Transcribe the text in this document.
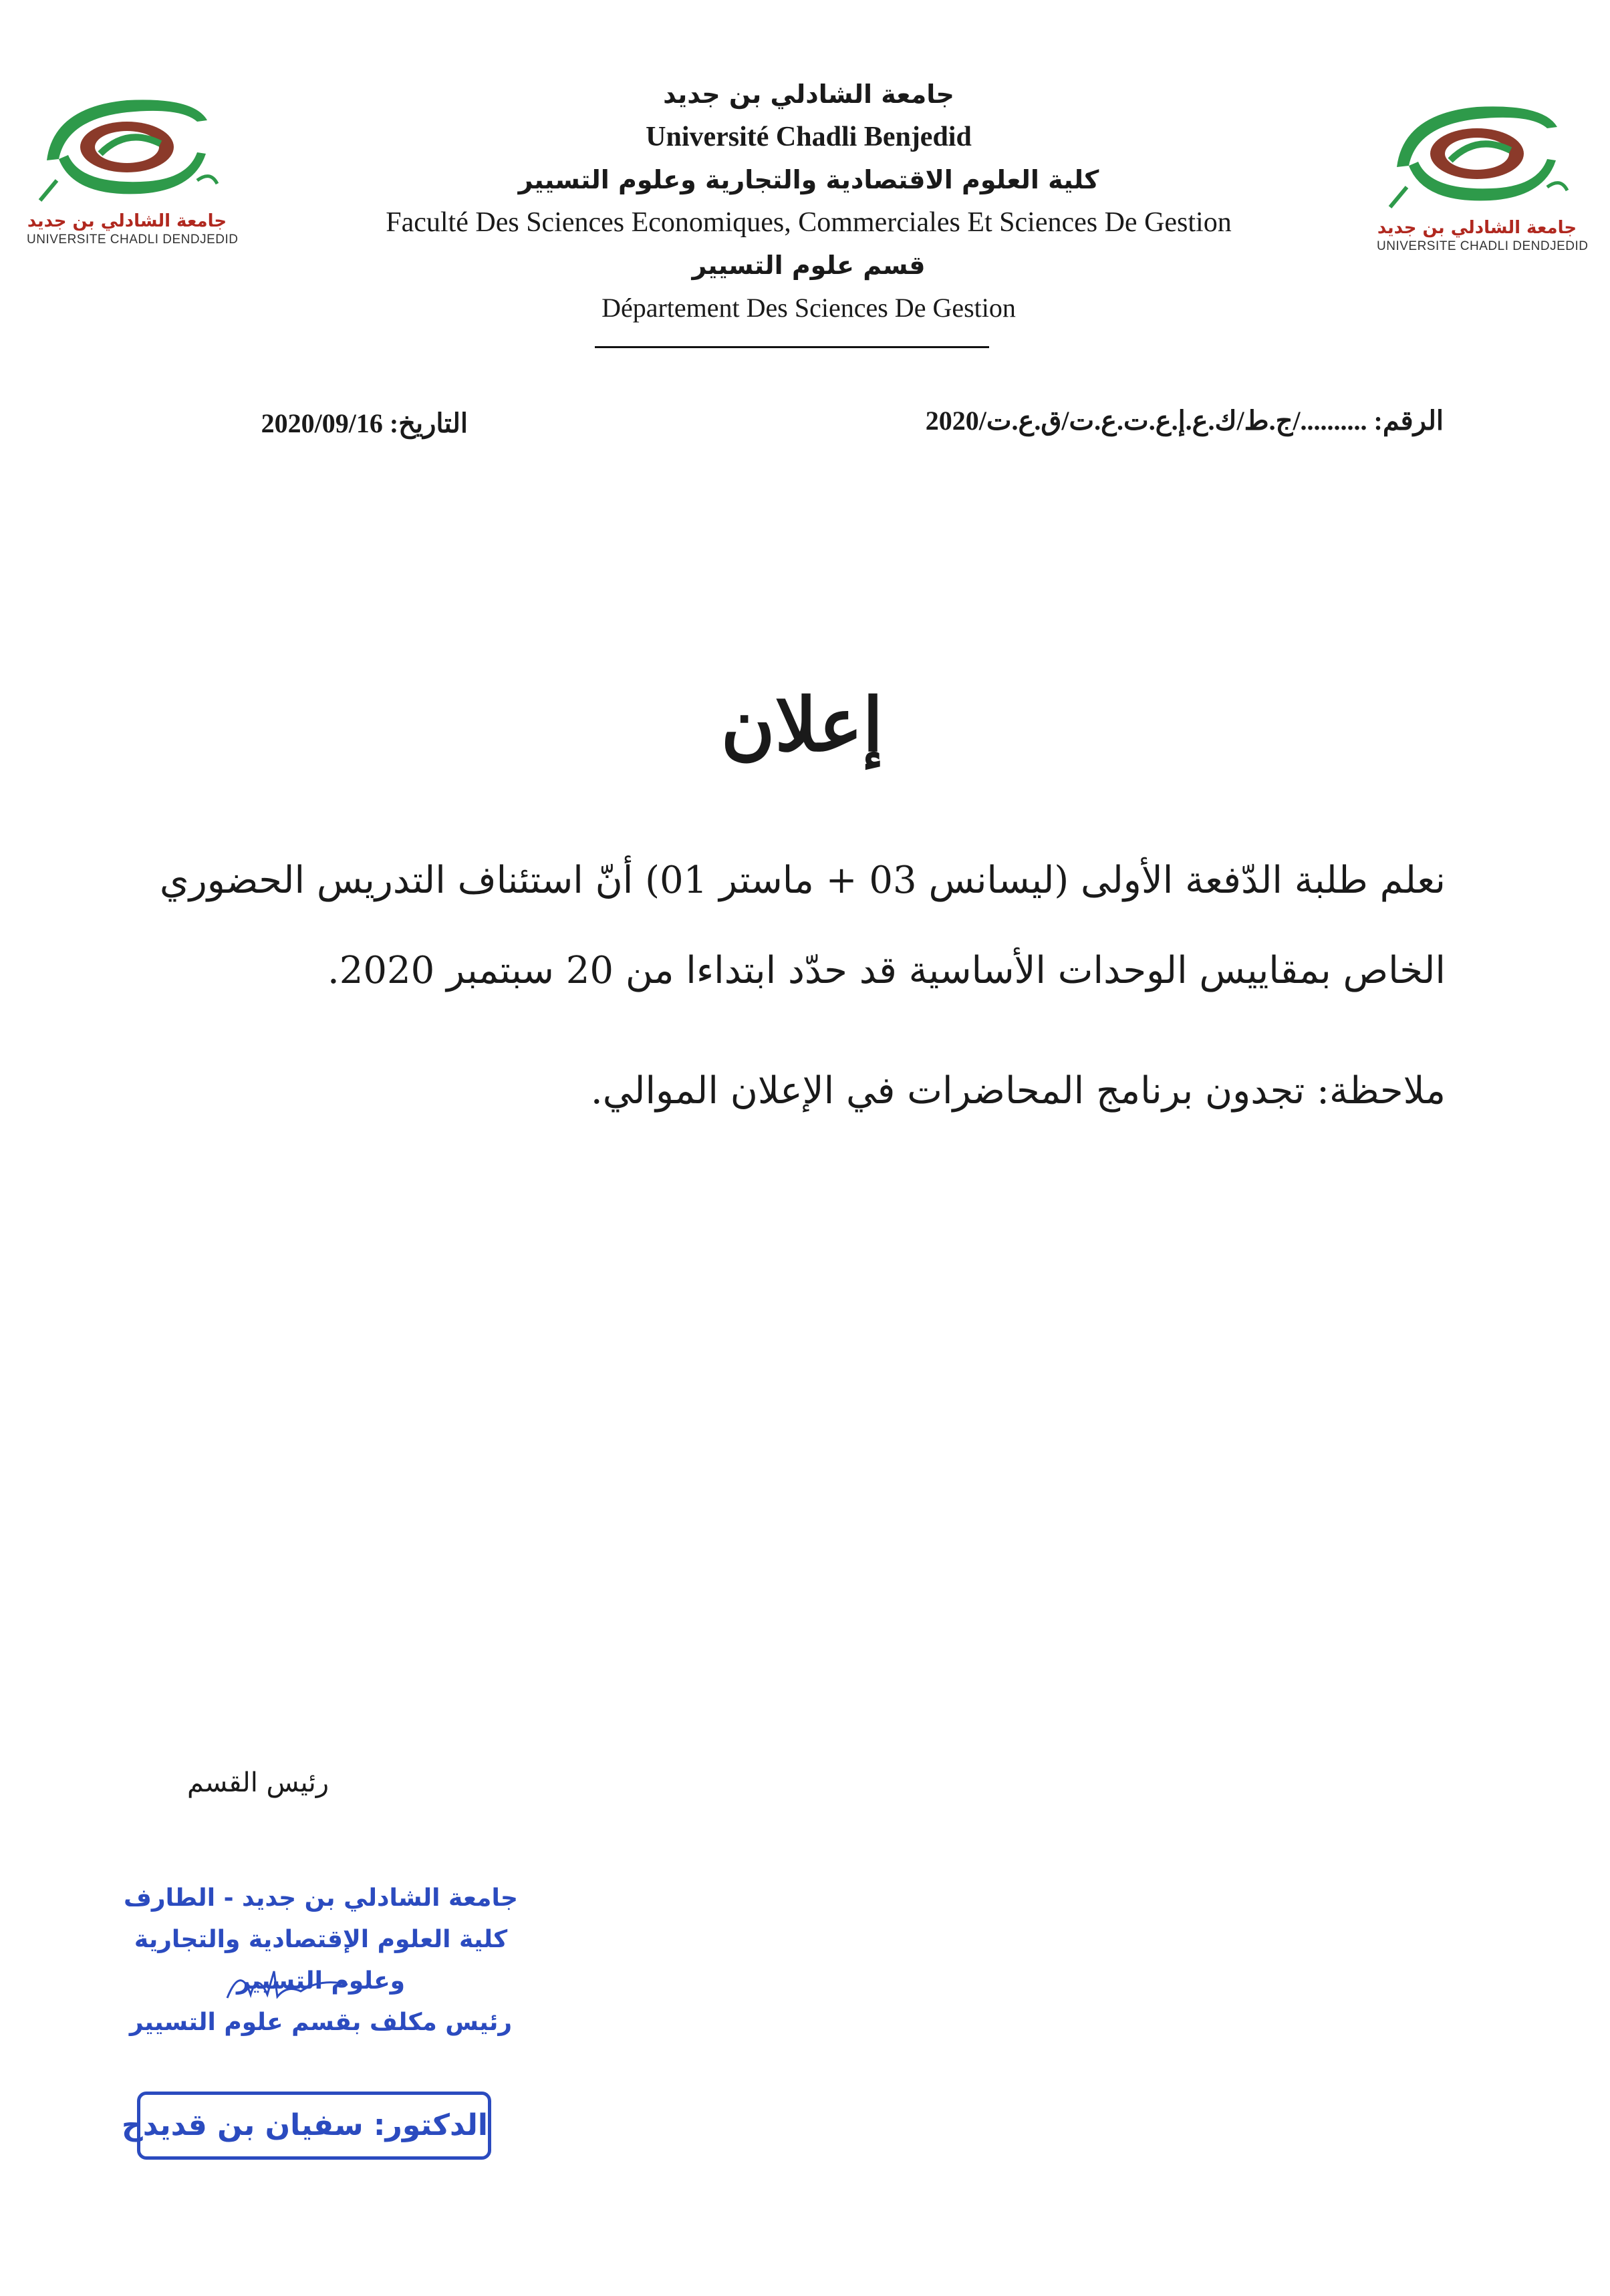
جامعة الشادلي بن جديد
UNIVERSITE CHADLI DENDJEDID
جامعة الشادلي بن جديد
UNIVERSITE CHADLI DENDJEDID
جامعة الشادلي بن جديد
Université Chadli Benjedid
كلية العلوم الاقتصادية والتجارية وعلوم التسيير
Faculté Des Sciences Economiques, Commerciales Et Sciences De Gestion
قسم علوم التسيير
Département Des Sciences De Gestion
الرقم: ........../ج.ط/ك.ع.إ.ع.ت.ع.ت/ق.ع.ت/2020
التاريخ: 2020/09/16
إعلان
نعلم طلبة الدّفعة الأولى (ليسانس 03 + ماستر 01) أنّ استئناف التدريس الحضوري
الخاص بمقاييس الوحدات الأساسية قد حدّد ابتداءا من 20 سبتمبر 2020.
ملاحظة: تجدون برنامج المحاضرات في الإعلان الموالي.
رئيس القسم
جامعة الشادلي بن جديد - الطارف
كلية العلوم الإقتصادية والتجارية
وعلوم التسيير
رئيس مكلف بقسم علوم التسيير
الدكتور: سفيان بن قديدح
